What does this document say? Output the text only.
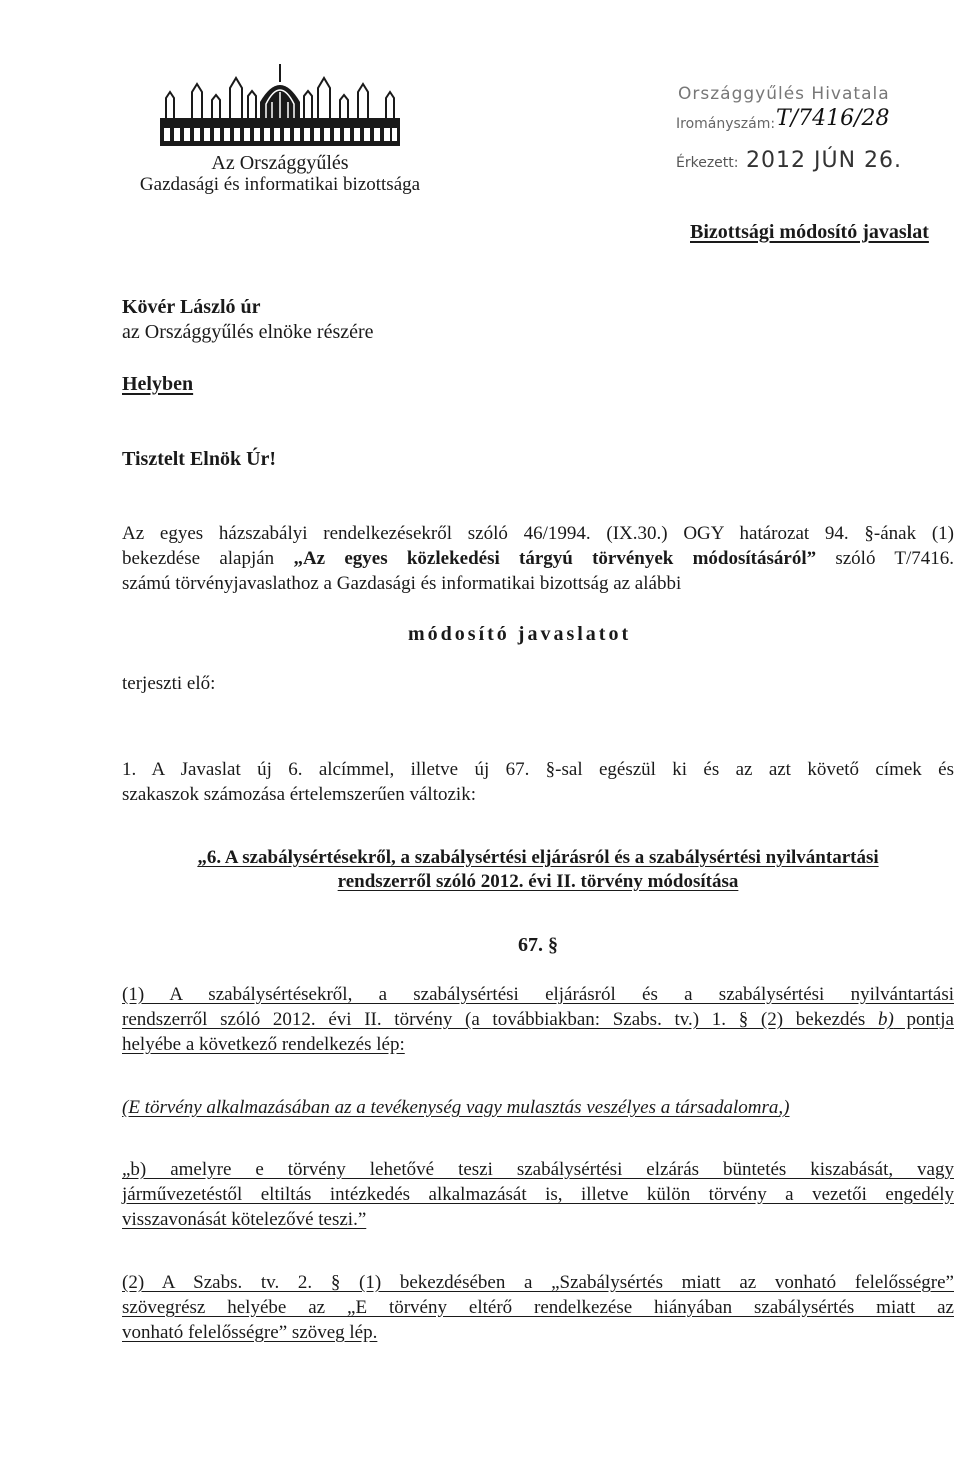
Az Országgyűlés
Gazdasági és informatikai bizottsága
Országgyűlés Hivatala
Irományszám: T/7416/28
Érkezett: 2012 JÚN 26.
Bizottsági módosító javaslat
Kövér László úr
az Országgyűlés elnöke részére
Helyben
Tisztelt Elnök Úr!
Az egyes házszabályi rendelkezésekről szóló 46/1994. (IX.30.) OGY határozat 94. §-ának (1)
bekezdése alapján „Az egyes közlekedési tárgyú törvények módosításáról” szóló T/7416.
számú törvényjavaslathoz a Gazdasági és informatikai bizottság az alábbi
módosító javaslatot
terjeszti elő:
1. A Javaslat új 6. alcímmel, illetve új 67. §-sal egészül ki és az azt követő címek és
szakaszok számozása értelemszerűen változik:
„6. A szabálysértésekről, a szabálysértési eljárásról és a szabálysértési nyilvántartási
rendszerről szóló 2012. évi II. törvény módosítása
67. §
(1) A szabálysértésekről, a szabálysértési eljárásról és a szabálysértési nyilvántartási
rendszerről szóló 2012. évi II. törvény (a továbbiakban: Szabs. tv.) 1. § (2) bekezdés b) pontja
helyébe a következő rendelkezés lép:
(E törvény alkalmazásában az a tevékenység vagy mulasztás veszélyes a társadalomra,)
„b) amelyre e törvény lehetővé teszi szabálysértési elzárás büntetés kiszabását, vagy
járművezetéstől eltiltás intézkedés alkalmazását is, illetve külön törvény a vezetői engedély
visszavonását kötelezővé teszi.”
(2) A Szabs. tv. 2. § (1) bekezdésében a „Szabálysértés miatt az vonható felelősségre”
szövegrész helyébe az „E törvény eltérő rendelkezése hiányában szabálysértés miatt az
vonható felelősségre” szöveg lép.
